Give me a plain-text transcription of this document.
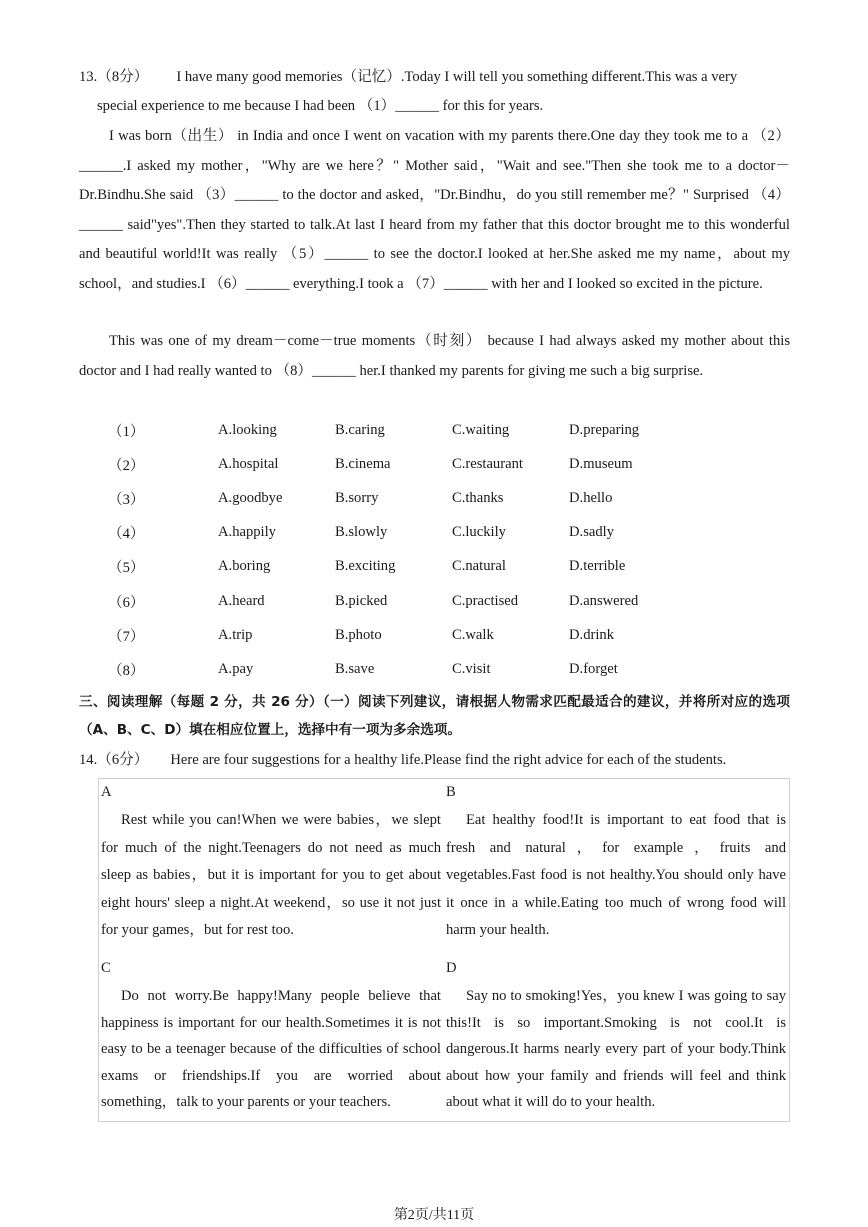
13.（8分） I have many good memories（记忆）.Today I will tell you something different.This was a very

special experience to me because I had been （1）______ for this for years.

I was born（出生） in India and once I went on vacation with my parents there.One day they took me to a （2）______.I asked my mother，"Why are we here？" Mother said，"Wait and see."Then she took me to a doctor－Dr.Bindhu.She said （3）______ to the doctor and asked，"Dr.Bindhu，do you still remember me？" Surprised （4）______ said"yes".Then they started to talk.At last I heard from my father that this doctor brought me to this wonderful and beautiful world!It was really （5）______ to see the doctor.I looked at her.She asked me my name，about my school，and studies.I （6）______ everything.I took a （7）______ with her and I looked so excited in the picture.

This was one of my dream－come－true moments（时刻） because I had always asked my mother about this doctor and I had really wanted to （8）______ her.I thanked my parents for giving me such a big surprise.

（1）	A.looking	B.caring	C.waiting	D.preparing
（2）	A.hospital	B.cinema	C.restaurant	D.museum
（3）	A.goodbye	B.sorry	C.thanks	D.hello
（4）	A.happily	B.slowly	C.luckily	D.sadly
（5）	A.boring	B.exciting	C.natural	D.terrible
（6）	A.heard	B.picked	C.practised	D.answered
（7）	A.trip	B.photo	C.walk	D.drink
（8）	A.pay	B.save	C.visit	D.forget

三、阅读理解（每题 2 分，共 26 分）（一）阅读下列建议，请根据人物需求匹配最适合的建议，并将所对应的选项（A、B、C、D）填在相应位置上，选择中有一项为多余选项。

14.（6分） Here are four suggestions for a healthy life.Please find the right advice for each of the students.

A
Rest while you can!When we were babies，we slept for much of the night.Teenagers do not need as much sleep as babies，but it is important for you to get about eight hours' sleep a night.At weekend，so use it not just for your games，but for rest too.
B
Eat healthy food!It is important to eat food that is fresh and natural，for example，fruits and vegetables.Fast food is not healthy.You should only have it once in a while.Eating too much of wrong food will harm your health.
C
Do not worry.Be happy!Many people believe that happiness is important for our health.Sometimes it is not easy to be a teenager because of the difficulties of school exams or friendships.If you are worried about something，talk to your parents or your teachers.
D
Say no to smoking!Yes，you knew I was going to say this!It is so important.Smoking is not cool.It is dangerous.It harms nearly every part of your body.Think about how your family and friends will feel and think about what it will do to your health.
第2页/共11页
